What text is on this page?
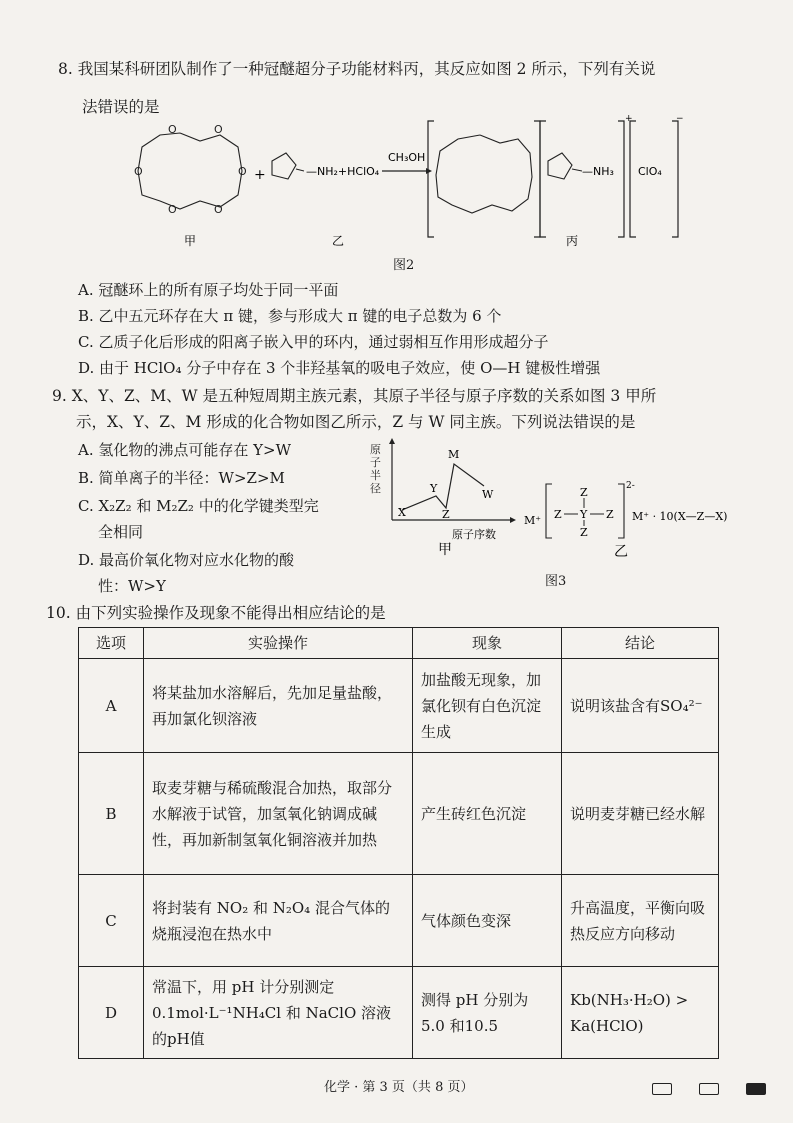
8. 我国某科研团队制作了一种冠醚超分子功能材料丙，其反应如图 2 所示，下列有关说
法错误的是
O	O
O
O
O
O	+	—NH₂+HClO₄
CH₃OH
—NH₃
+
ClO₄
−
甲	乙	丙
图2
A. 冠醚环上的所有原子均处于同一平面
B. 乙中五元环存在大 π 键，参与形成大 π 键的电子总数为 6 个
C. 乙质子化后形成的阳离子嵌入甲的环内，通过弱相互作用形成超分子
D. 由于 HClO₄ 分子中存在 3 个非羟基氧的吸电子效应，使 O—H 键极性增强
9. X、Y、Z、M、W 是五种短周期主族元素，其原子半径与原子序数的关系如图 3 甲所
示，X、Y、Z、M 形成的化合物如图乙所示，Z 与 W 同主族。下列说法错误的是
A. 氢化物的沸点可能存在 Y>W
B. 简单离子的半径：W>Z>M
C. X₂Z₂ 和 M₂Z₂ 中的化学键类型完
全相同
D. 最高价氧化物对应水化物的酸
性：W>Y
X
Y
Z
M
W
原子序数
甲
原子半径
M⁺
Z
Z Y Z
Z
2-
M⁺ · 10(X—Z—X)
乙
图3
10. 由下列实验操作及现象不能得出相应结论的是
选项	实验操作	现象	结论
A	将某盐加水溶解后，先加足量盐酸，再加氯化钡溶液	加盐酸无现象，加氯化钡有白色沉淀生成	说明该盐含有SO₄²⁻
B	取麦芽糖与稀硫酸混合加热，取部分水解液于试管，加氢氧化钠调成碱性，再加新制氢氧化铜溶液并加热	产生砖红色沉淀	说明麦芽糖已经水解
C	将封装有 NO₂ 和 N₂O₄ 混合气体的烧瓶浸泡在热水中	气体颜色变深	升高温度，平衡向吸热反应方向移动
D	常温下，用 pH 计分别测定 0.1mol·L⁻¹NH₄Cl 和 NaClO 溶液的pH值	测得 pH 分别为 5.0 和10.5	Kb(NH₃·H₂O) > Ka(HClO)
化学 · 第 3 页（共 8 页）
